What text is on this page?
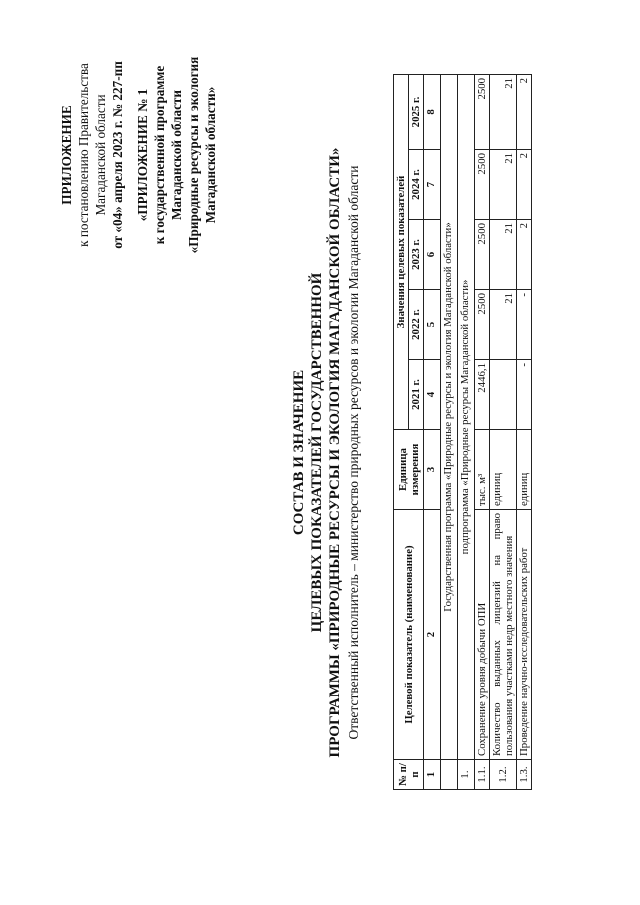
ПРИЛОЖЕНИЕ к постановлению Правительства Магаданской области от «04» апреля 2023 г. № 227-пп «ПРИЛОЖЕНИЕ № 1 к государственной программе Магаданской области «Природные ресурсы и экология Магаданской области»
СОСТАВ И ЗНАЧЕНИЕ ЦЕЛЕВЫХ ПОКАЗАТЕЛЕЙ ГОСУДАРСТВЕННОЙ ПРОГРАММЫ «ПРИРОДНЫЕ РЕСУРСЫ И ЭКОЛОГИЯ МАГАДАНСКОЙ ОБЛАСТИ» Ответственный исполнитель – министерство природных ресурсов и экологии Магаданской области
№ п/п	Целевой показатель (наименование)	Единица измерения	Значения целевых показателей				
			2021 г.	2022 г.	2023 г.	2024 г.	2025 г.
1	2	3	4	5	6	7	8
	Государственная программа «Природные ресурсы и экология Магаданской области»						
1.	подпрограмма «Природные ресурсы Магаданской области»						
1.1.	Сохранение уровня добычи ОПИ	тыс. м³	2446,1	2500	2500	2500	2500
1.2.	Количество выданных лицензий на право пользования участками недр местного значения	единиц		21	21	21	21
1.3.	Проведение научно-исследовательских работ	единиц	-	-	2	2	2
